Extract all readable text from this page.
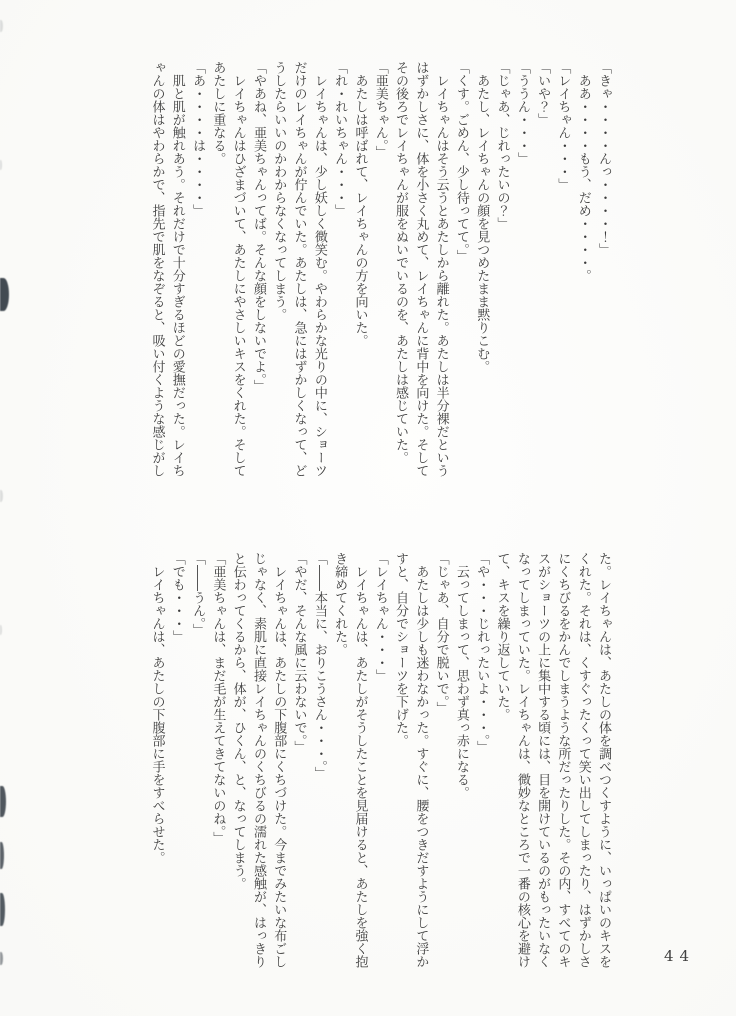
「きゃ・・・・んっ・・・・！」

　ああ・・・・もう、だめ・・・・。

「レイちゃん・・・」

「いや？」

「ううん・・・」

「じゃあ、じれったいの？」

　あたし、レイちゃんの顔を見つめたまま黙りこむ。

「くす。ごめん、少し待ってて。」

　レイちゃんはそう云うとあたしから離れた。あたしは半分裸だという

はずかしさに、体を小さく丸めて、レイちゃんに背中を向けた。そして

その後ろでレイちゃんが服をぬいでいるのを、あたしは感じていた。

「亜美ちゃん。」

　あたしは呼ばれて、レイちゃんの方を向いた。

「れ・れいちゃん・・・」

　レイちゃんは、少し妖しく微笑む。やわらかな光りの中に、ショーツ

だけのレイちゃんが佇んでいた。あたしは、急にはずかしくなって、ど

うしたらいいのかわからなくなってしまう。

「やあね、亜美ちゃんってば。そんな顔をしないでよ。」

　レイちゃんはひざまづいて、あたしにやさしいキスをくれた。そして

あたしに重なる。

「あ・・・・は・・・・」

　肌と肌が触れあう。それだけで十分すぎるほどの愛撫だった。レイち

ゃんの体はやわらかで、指先で肌をなぞると、吸い付くような感じがし

た。レイちゃんは、あたしの体を調べつくすように、いっぱいのキスを

くれた。それは、くすぐったくって笑い出してしまったり、はずかしさ

にくちびるをかんでしまうような所だったりした。その内、すべてのキ

スがショーツの上に集中する頃には、目を開けているのがもったいなく

なってしまっていた。レイちゃんは、微妙なところで一番の核心を避け

て、キスを繰り返していた。

「や・・・じれったいよ・・・。」

　云ってしまって、思わず真っ赤になる。

「じゃあ、自分で脱いで。」

　あたしは少しも迷わなかった。すぐに、腰をつきだすようにして浮か

すと、自分でショーツを下げた。

「レイちゃん・・・」

　レイちゃんは、あたしがそうしたことを見届けると、あたしを強く抱

き締めてくれた。

「――本当に、おりこうさん・・・。」

「やだ、そんな風に云わないで。」

　レイちゃんは、あたしの下腹部にくちづけた。今までみたいな布ごし

じゃなく、素肌に直接レイちゃんのくちびるの濡れた感触が、はっきり

と伝わってくるから、体が、ひくん、と、なってしまう。

「亜美ちゃんは、まだ毛が生えてきてないのね。」

「――うん。」

「でも・・・」

　レイちゃんは、あたしの下腹部に手をすべらせた。

44
